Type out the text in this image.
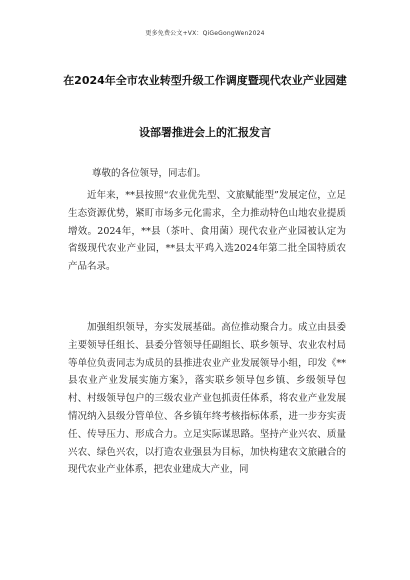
更多免费公文+VX：QiGeGongWen2024
在2024年全市农业转型升级工作调度暨现代农业产业园建
设部署推进会上的汇报发言
尊敬的各位领导，同志们。

近年来，**县按照“农业优先型、文旅赋能型”发展定位，立足生态资源优势，紧盯市场多元化需求，全力推动特色山地农业提质增效。2024年，**县（茶叶、食用菌）现代农业产业园被认定为省级现代农业产业园，**县太平鸡入选2024年第二批全国特质农产品名录。

加强组织领导，夯实发展基础。高位推动聚合力。成立由县委主要领导任组长、县委分管领导任副组长、联乡领导、农业农村局等单位负责同志为成员的县推进农业产业发展领导小组，印发《**县农业产业发展实施方案》，落实联乡领导包乡镇、乡级领导包村、村级领导包户的三级农业产业包抓责任体系，将农业产业发展情况纳入县级分管单位、各乡镇年终考核指标体系，进一步夯实责任、传导压力、形成合力。立足实际谋思路。坚持产业兴农、质量兴农、绿色兴农，以打造农业强县为目标，加快构建农文旅融合的现代农业产业体系，把农业建成大产业，同
